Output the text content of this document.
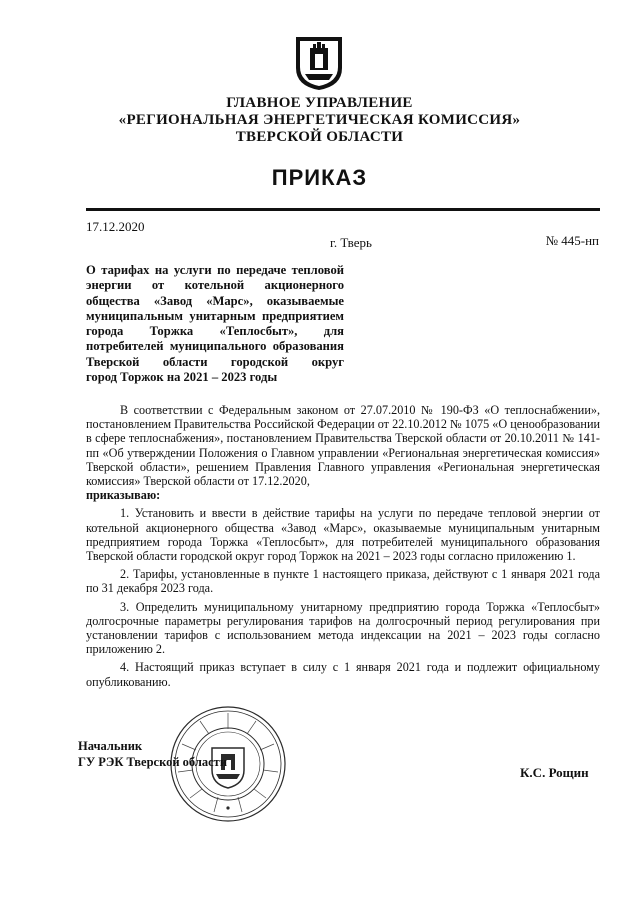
ГЛАВНОЕ УПРАВЛЕНИЕ
«РЕГИОНАЛЬНАЯ ЭНЕРГЕТИЧЕСКАЯ КОМИССИЯ»
ТВЕРСКОЙ ОБЛАСТИ
ПРИКАЗ
17.12.2020
г. Тверь	№ 445-нп
О тарифах на услуги по передаче тепловой энергии от котельной акционерного общества «Завод «Марс», оказываемые муниципальным унитарным предприятием города Торжка «Теплосбыт», для потребителей муниципального образования Тверской области городской округ
город Торжок на 2021 – 2023 годы

В соответствии с Федеральным законом от 27.07.2010 № 190-ФЗ «О теплоснабжении», постановлением Правительства Российской Федерации от 22.10.2012 № 1075 «О ценообразовании в сфере теплоснабжения», постановлением Правительства Тверской области от 20.10.2011 № 141-пп «Об утверждении Положения о Главном управлении «Региональная энергетическая комиссия» Тверской области», решением Правления Главного управления «Региональная энергетическая комиссия» Тверской области от 17.12.2020,

приказываю:

1. Установить и ввести в действие тарифы на услуги по передаче тепловой энергии от котельной акционерного общества «Завод «Марс», оказываемые муниципальным унитарным предприятием города Торжка «Теплосбыт», для потребителей муниципального образования Тверской области городской округ город Торжок на 2021 – 2023 годы согласно приложению 1.

2. Тарифы, установленные в пункте 1 настоящего приказа, действуют с 1 января 2021 года по 31 декабря 2023 года.

3. Определить муниципальному унитарному предприятию города Торжка «Теплосбыт» долгосрочные параметры регулирования тарифов на долгосрочный период регулирования при установлении тарифов с использованием метода индексации на 2021 – 2023 годы согласно приложению 2.

4. Настоящий приказ вступает в силу с 1 января 2021 года и подлежит официальному опубликованию.

Начальник
ГУ РЭК Тверской области
К.С. Рощин
